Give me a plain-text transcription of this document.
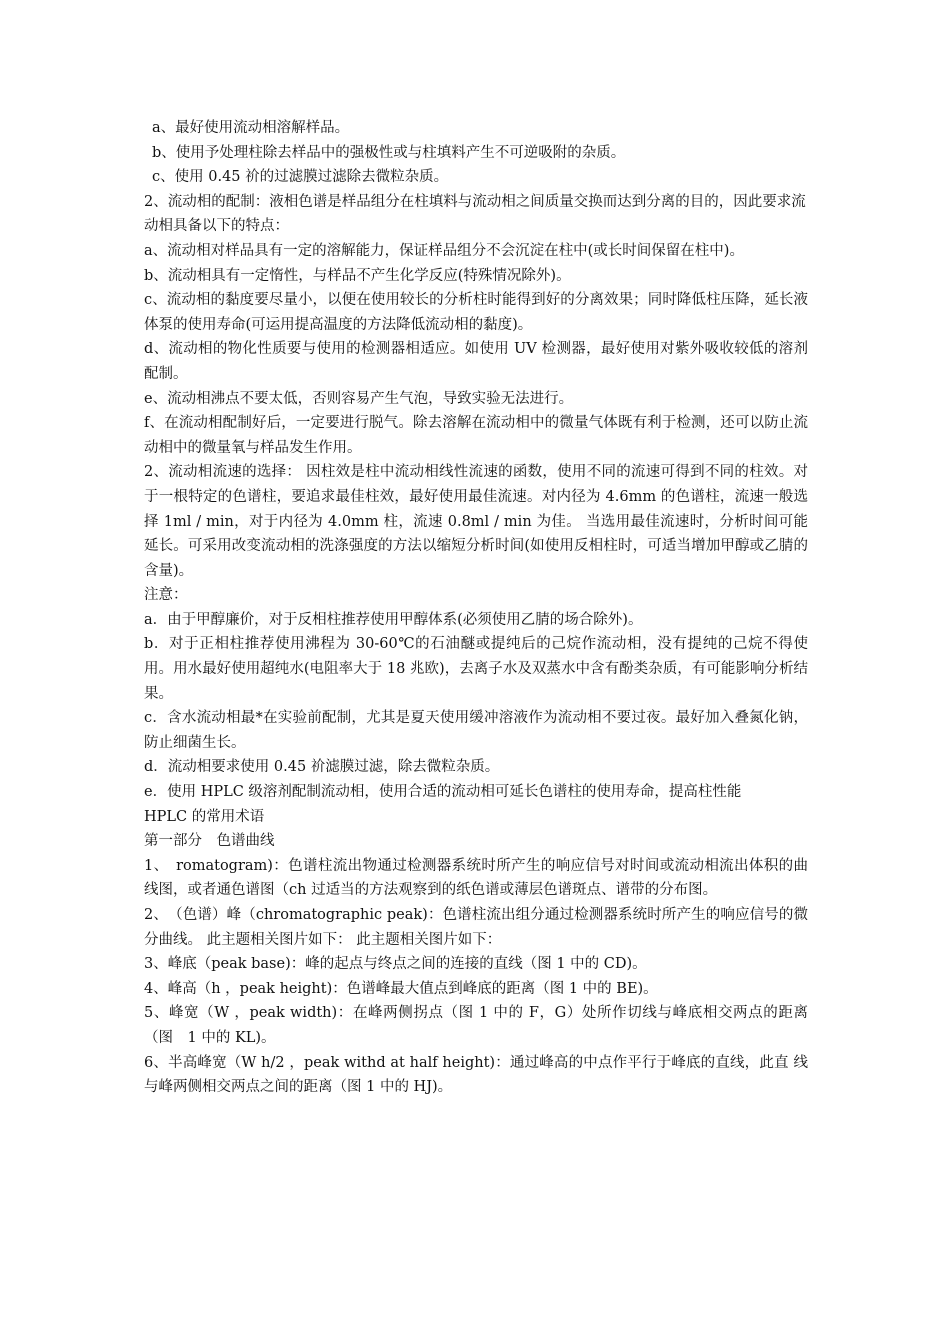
a、最好使用流动相溶解样品。

b、使用予处理柱除去样品中的强极性或与柱填料产生不可逆吸附的杂质。

c、使用 0.45 祄的过滤膜过滤除去微粒杂质。

2、流动相的配制：液相色谱是样品组分在柱填料与流动相之间质量交换而达到分离的目的，因此要求流

动相具备以下的特点：

a、流动相对样品具有一定的溶解能力，保证样品组分不会沉淀在柱中(或长时间保留在柱中)。

b、流动相具有一定惰性，与样品不产生化学反应(特殊情况除外)。

c、流动相的黏度要尽量小，以便在使用较长的分析柱时能得到好的分离效果；同时降低柱压降，延长液体泵的使用寿命(可运用提高温度的方法降低流动相的黏度)。

d、流动相的物化性质要与使用的检测器相适应。如使用 UV 检测器，最好使用对紫外吸收较低的溶剂配制。

e、流动相沸点不要太低，否则容易产生气泡，导致实验无法进行。

f、在流动相配制好后，一定要进行脱气。除去溶解在流动相中的微量气体既有利于检测，还可以防止流动相中的微量氧与样品发生作用。

2、流动相流速的选择： 因柱效是柱中流动相线性流速的函数，使用不同的流速可得到不同的柱效。对于一根特定的色谱柱，要追求最佳柱效，最好使用最佳流速。对内径为 4.6mm 的色谱柱，流速一般选择 1ml / min，对于内径为 4.0mm 柱，流速 0.8ml / min 为佳。 当选用最佳流速时，分析时间可能延长。可采用改变流动相的洗涤强度的方法以缩短分析时间(如使用反相柱时，可适当增加甲醇或乙腈的含量)。

注意：

a．由于甲醇廉价，对于反相柱推荐使用甲醇体系(必须使用乙腈的场合除外)。

b．对于正相柱推荐使用沸程为 30-60℃的石油醚或提纯后的己烷作流动相，没有提纯的己烷不得使用。用水最好使用超纯水(电阻率大于 18 兆欧)，去离子水及双蒸水中含有酚类杂质，有可能影响分析结果。

c．含水流动相最*在实验前配制，尤其是夏天使用缓冲溶液作为流动相不要过夜。最好加入叠氮化钠，防止细菌生长。

d．流动相要求使用 0.45 祄滤膜过滤，除去微粒杂质。

e．使用 HPLC 级溶剂配制流动相，使用合适的流动相可延长色谱柱的使用寿命，提高柱性能

HPLC 的常用术语

第一部分　色谱曲线

1、　romatogram)：色谱柱流出物通过检测器系统时所产生的响应信号对时间或流动相流出体积的曲线图，或者通色谱图（ch 过适当的方法观察到的纸色谱或薄层色谱斑点、谱带的分布图。

2、　（色谱）峰（chromatographic peak)：色谱柱流出组分通过检测器系统时所产生的响应信号的微分曲线。 此主题相关图片如下： 此主题相关图片如下：

3、峰底（peak base)：峰的起点与终点之间的连接的直线（图 1 中的 CD)。

4、峰高（h ，peak height)：色谱峰最大值点到峰底的距离（图 1 中的 BE)。

5、峰宽（W ，peak width)：在峰两侧拐点（图 1 中的 F，G）处所作切线与峰底相交两点的距离（图　1 中的 KL)。

6、半高峰宽（W h/2 ，peak withd at half height)：通过峰高的中点作平行于峰底的直线，此直 线 与峰两侧相交两点之间的距离（图 1 中的 HJ)。
